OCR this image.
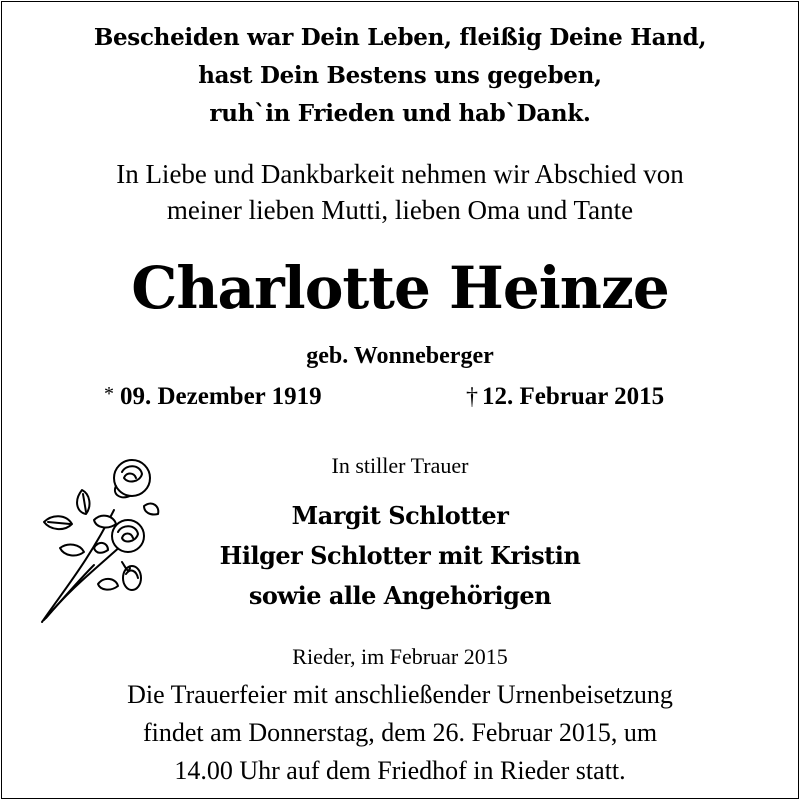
Bescheiden war Dein Leben, fleißig Deine Hand,
hast Dein Bestens uns gegeben,
ruh`in Frieden und hab`Dank.
In Liebe und Dankbarkeit nehmen wir Abschied von
meiner lieben Mutti, lieben Oma und Tante
Charlotte Heinze
geb. Wonneberger
* 09. Dezember 1919	† 12. Februar 2015
In stiller Trauer
Margit Schlotter
Hilger Schlotter mit Kristin
sowie alle Angehörigen
Rieder, im Februar 2015
Die Trauerfeier mit anschließender Urnenbeisetzung
findet am Donnerstag, dem 26. Februar 2015, um
14.00 Uhr auf dem Friedhof in Rieder statt.
